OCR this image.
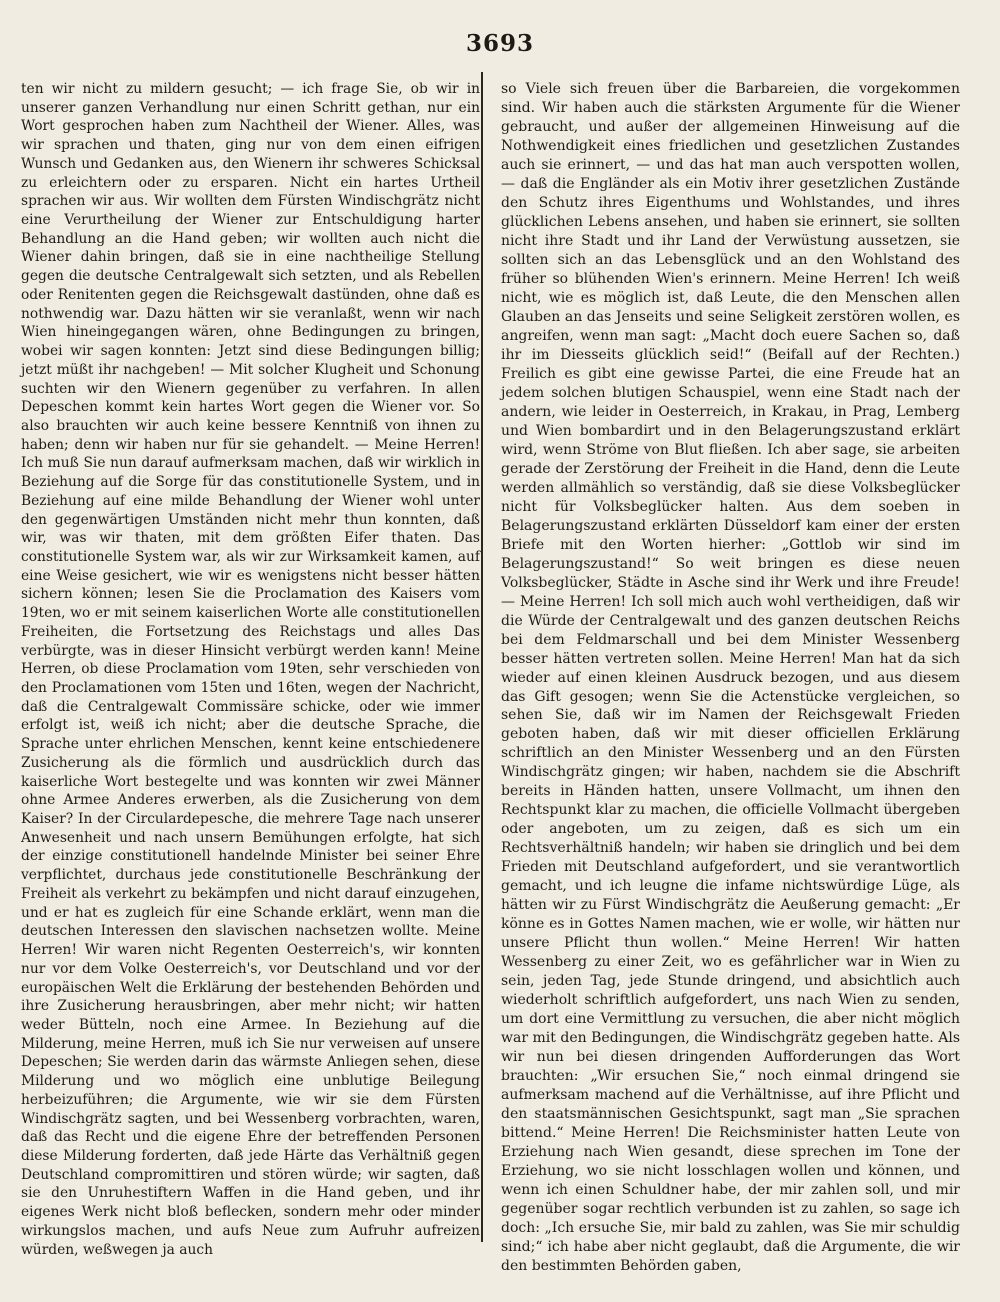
3693

ten wir nicht zu mildern gesucht; — ich frage Sie, ob wir in unserer ganzen Verhandlung nur einen Schritt gethan, nur ein Wort gesprochen haben zum Nachtheil der Wiener. Alles, was wir sprachen und thaten, ging nur von dem einen eifrigen Wunsch und Gedanken aus, den Wienern ihr schweres Schicksal zu erleichtern oder zu ersparen. Nicht ein hartes Urtheil sprachen wir aus. Wir wollten dem Fürsten Windischgrätz nicht eine Verurtheilung der Wiener zur Entschuldigung harter Behandlung an die Hand geben; wir wollten auch nicht die Wiener dahin bringen, daß sie in eine nachtheilige Stellung gegen die deutsche Centralgewalt sich setzten, und als Rebellen oder Renitenten gegen die Reichsgewalt dastünden, ohne daß es nothwendig war. Dazu hätten wir sie veranlaßt, wenn wir nach Wien hineingegangen wären, ohne Bedingungen zu bringen, wobei wir sagen konnten: Jetzt sind diese Bedingungen billig; jetzt müßt ihr nachgeben! — Mit solcher Klugheit und Schonung suchten wir den Wienern gegenüber zu verfahren. In allen Depeschen kommt kein hartes Wort gegen die Wiener vor. So also brauchten wir auch keine bessere Kenntniß von ihnen zu haben; denn wir haben nur für sie gehandelt. — Meine Herren! Ich muß Sie nun darauf aufmerksam machen, daß wir wirklich in Beziehung auf die Sorge für das constitutionelle System, und in Beziehung auf eine milde Behandlung der Wiener wohl unter den gegenwärtigen Umständen nicht mehr thun konnten, daß wir, was wir thaten, mit dem größten Eifer thaten. Das constitutionelle System war, als wir zur Wirksamkeit kamen, auf eine Weise gesichert, wie wir es wenigstens nicht besser hätten sichern können; lesen Sie die Proclamation des Kaisers vom 19ten, wo er mit seinem kaiserlichen Worte alle constitutionellen Freiheiten, die Fortsetzung des Reichstags und alles Das verbürgte, was in dieser Hinsicht verbürgt werden kann! Meine Herren, ob diese Proclamation vom 19ten, sehr verschieden von den Proclamationen vom 15ten und 16ten, wegen der Nachricht, daß die Centralgewalt Commissäre schicke, oder wie immer erfolgt ist, weiß ich nicht; aber die deutsche Sprache, die Sprache unter ehrlichen Menschen, kennt keine entschiedenere Zusicherung als die förmlich und ausdrücklich durch das kaiserliche Wort bestegelte und was konnten wir zwei Männer ohne Armee Anderes erwerben, als die Zusicherung von dem Kaiser? In der Circulardepesche, die mehrere Tage nach unserer Anwesenheit und nach unsern Bemühungen erfolgte, hat sich der einzige constitutionell handelnde Minister bei seiner Ehre verpflichtet, durchaus jede constitutionelle Beschränkung der Freiheit als verkehrt zu bekämpfen und nicht darauf einzugehen, und er hat es zugleich für eine Schande erklärt, wenn man die deutschen Interessen den slavischen nachsetzen wollte. Meine Herren! Wir waren nicht Regenten Oesterreich's, wir konnten nur vor dem Volke Oesterreich's, vor Deutschland und vor der europäischen Welt die Erklärung der bestehenden Behörden und ihre Zusicherung herausbringen, aber mehr nicht; wir hatten weder Bütteln, noch eine Armee. In Beziehung auf die Milderung, meine Herren, muß ich Sie nur verweisen auf unsere Depeschen; Sie werden darin das wärmste Anliegen sehen, diese Milderung und wo möglich eine unblutige Beilegung herbeizuführen; die Argumente, wie wir sie dem Fürsten Windischgrätz sagten, und bei Wessenberg vorbrachten, waren, daß das Recht und die eigene Ehre der betreffenden Personen diese Milderung forderten, daß jede Härte das Verhältniß gegen Deutschland compromittiren und stören würde; wir sagten, daß sie den Unruhestiftern Waffen in die Hand geben, und ihr eigenes Werk nicht bloß beflecken, sondern mehr oder minder wirkungslos machen, und aufs Neue zum Aufruhr aufreizen würden, weßwegen ja auch

so Viele sich freuen über die Barbareien, die vorgekommen sind. Wir haben auch die stärksten Argumente für die Wiener gebraucht, und außer der allgemeinen Hinweisung auf die Nothwendigkeit eines friedlichen und gesetzlichen Zustandes auch sie erinnert, — und das hat man auch verspotten wollen, — daß die Engländer als ein Motiv ihrer gesetzlichen Zustände den Schutz ihres Eigenthums und Wohlstandes, und ihres glücklichen Lebens ansehen, und haben sie erinnert, sie sollten nicht ihre Stadt und ihr Land der Verwüstung aussetzen, sie sollten sich an das Lebensglück und an den Wohlstand des früher so blühenden Wien's erinnern. Meine Herren! Ich weiß nicht, wie es möglich ist, daß Leute, die den Menschen allen Glauben an das Jenseits und seine Seligkeit zerstören wollen, es angreifen, wenn man sagt: „Macht doch euere Sachen so, daß ihr im Diesseits glücklich seid!“ (Beifall auf der Rechten.) Freilich es gibt eine gewisse Partei, die eine Freude hat an jedem solchen blutigen Schauspiel, wenn eine Stadt nach der andern, wie leider in Oesterreich, in Krakau, in Prag, Lemberg und Wien bombardirt und in den Belagerungszustand erklärt wird, wenn Ströme von Blut fließen. Ich aber sage, sie arbeiten gerade der Zerstörung der Freiheit in die Hand, denn die Leute werden allmählich so verständig, daß sie diese Volksbeglücker nicht für Volksbeglücker halten. Aus dem soeben in Belagerungszustand erklärten Düsseldorf kam einer der ersten Briefe mit den Worten hierher: „Gottlob wir sind im Belagerungszustand!“ So weit bringen es diese neuen Volksbeglücker, Städte in Asche sind ihr Werk und ihre Freude! — Meine Herren! Ich soll mich auch wohl vertheidigen, daß wir die Würde der Centralgewalt und des ganzen deutschen Reichs bei dem Feldmarschall und bei dem Minister Wessenberg besser hätten vertreten sollen. Meine Herren! Man hat da sich wieder auf einen kleinen Ausdruck bezogen, und aus diesem das Gift gesogen; wenn Sie die Actenstücke vergleichen, so sehen Sie, daß wir im Namen der Reichsgewalt Frieden geboten haben, daß wir mit dieser officiellen Erklärung schriftlich an den Minister Wessenberg und an den Fürsten Windischgrätz gingen; wir haben, nachdem sie die Abschrift bereits in Händen hatten, unsere Vollmacht, um ihnen den Rechtspunkt klar zu machen, die officielle Vollmacht übergeben oder angeboten, um zu zeigen, daß es sich um ein Rechtsverhältniß handeln; wir haben sie dringlich und bei dem Frieden mit Deutschland aufgefordert, und sie verantwortlich gemacht, und ich leugne die infame nichtswürdige Lüge, als hätten wir zu Fürst Windischgrätz die Aeußerung gemacht: „Er könne es in Gottes Namen machen, wie er wolle, wir hätten nur unsere Pflicht thun wollen.“ Meine Herren! Wir hatten Wessenberg zu einer Zeit, wo es gefährlicher war in Wien zu sein, jeden Tag, jede Stunde dringend, und absichtlich auch wiederholt schriftlich aufgefordert, uns nach Wien zu senden, um dort eine Vermittlung zu versuchen, die aber nicht möglich war mit den Bedingungen, die Windischgrätz gegeben hatte. Als wir nun bei diesen dringenden Aufforderungen das Wort brauchten: „Wir ersuchen Sie,“ noch einmal dringend sie aufmerksam machend auf die Verhältnisse, auf ihre Pflicht und den staatsmännischen Gesichtspunkt, sagt man „Sie sprachen bittend.“ Meine Herren! Die Reichsminister hatten Leute von Erziehung nach Wien gesandt, diese sprechen im Tone der Erziehung, wo sie nicht losschlagen wollen und können, und wenn ich einen Schuldner habe, der mir zahlen soll, und mir gegenüber sogar rechtlich verbunden ist zu zahlen, so sage ich doch: „Ich ersuche Sie, mir bald zu zahlen, was Sie mir schuldig sind;“ ich habe aber nicht geglaubt, daß die Argumente, die wir den bestimmten Behörden gaben,
